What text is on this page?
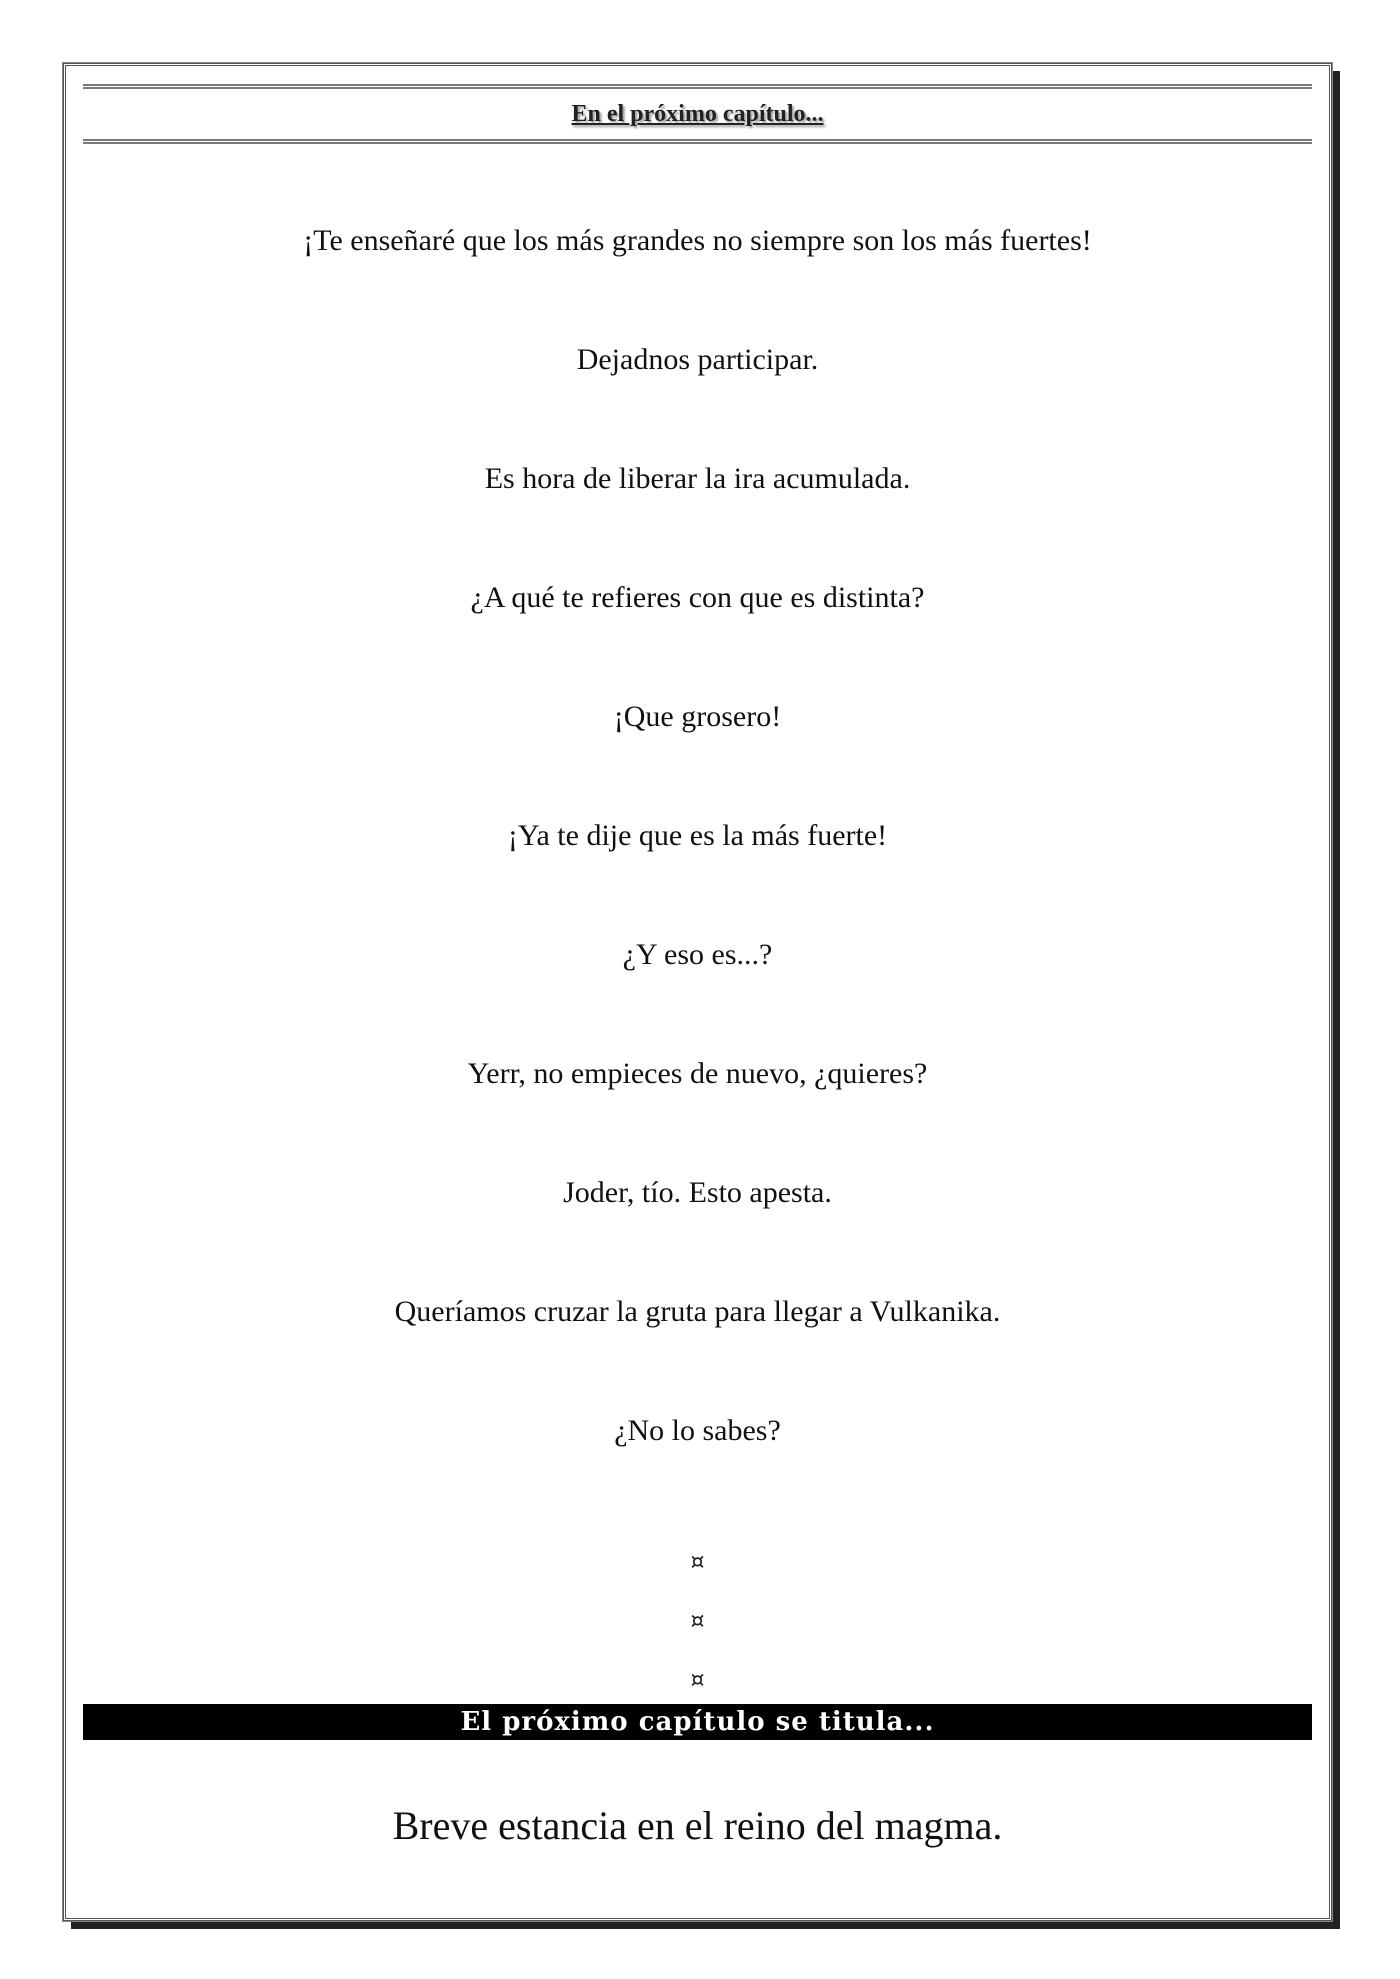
En el próximo capítulo...
¡Te enseñaré que los más grandes no siempre son los más fuertes!
Dejadnos participar.
Es hora de liberar la ira acumulada.
¿A qué te refieres con que es distinta?
¡Que grosero!
¡Ya te dije que es la más fuerte!
¿Y eso es...?
Yerr, no empieces de nuevo, ¿quieres?
Joder, tío. Esto apesta.
Queríamos cruzar la gruta para llegar a Vulkanika.
¿No lo sabes?
¤
¤
¤
El próximo capítulo se titula...
Breve estancia en el reino del magma.
